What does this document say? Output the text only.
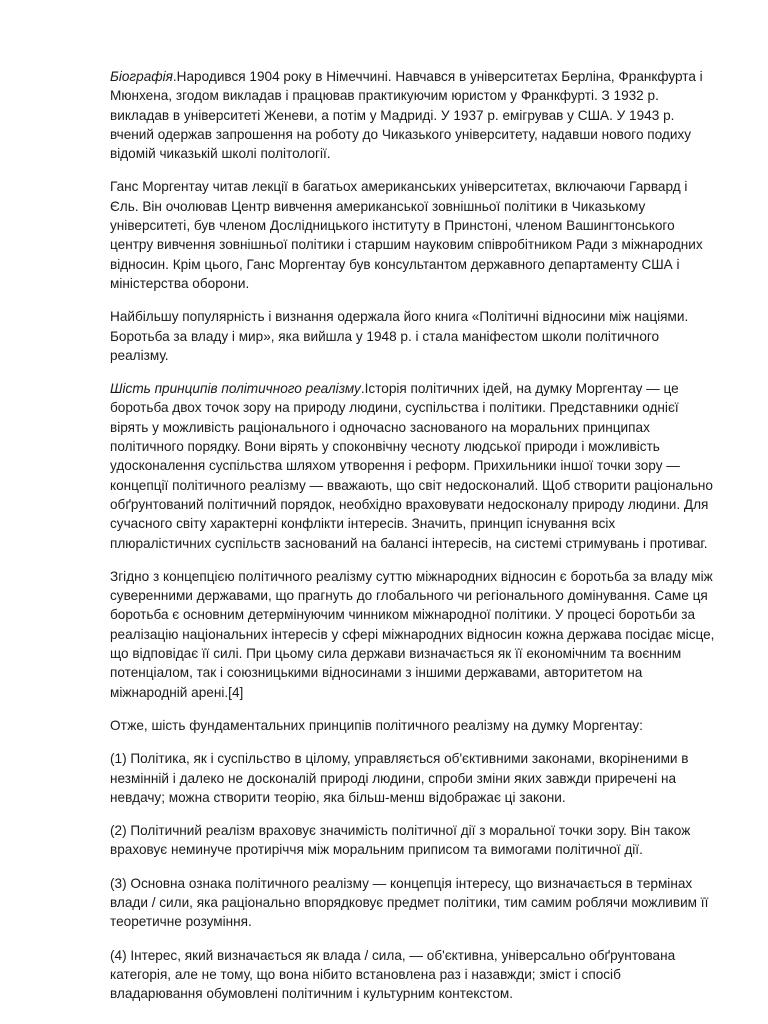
Біографія.Народився 1904 року в Німеччині. Навчався в університетах Берліна, Франкфурта і Мюнхена, згодом викладав і працював практикуючим юристом у Франкфурті. З 1932 р. викладав в університеті Женеви, а потім у Мадриді. У 1937 р. емігрував у США. У 1943 р. вчений одержав запрошення на роботу до Чиказького університету, надавши нового подиху відомій чиказькій школі політології.

Ганс Моргентау читав лекції в багатьох американських університетах, включаючи Гарвард і Єль. Він очолював Центр вивчення американської зовнішньої політики в Чиказькому університеті, був членом Дослідницького інституту в Принстоні, членом Вашингтонського центру вивчення зовнішньої політики і старшим науковим співробітником Ради з міжнародних відносин. Крім цього, Ганс Моргентау був консультантом державного департаменту США і міністерства оборони.

Найбільшу популярність і визнання одержала його книга «Політичні відносини між націями. Боротьба за владу і мир», яка вийшла у 1948 р. і стала маніфестом школи політичного реалізму.

Шість принципів політичного реалізму.Історія політичних ідей, на думку Моргентау — це боротьба двох точок зору на природу людини, суспільства і політики. Представники однієї вірять у можливість раціонального і одночасно заснованого на моральних принципах політичного порядку. Вони вірять у споконвічну чесноту людської природи і можливість удосконалення суспільства шляхом утворення і реформ. Прихильники іншої точки зору — концепції політичного реалізму — вважають, що світ недосконалий. Щоб створити раціонально обґрунтований політичний порядок, необхідно враховувати недосконалу природу людини. Для сучасного світу характерні конфлікти інтересів. Значить, принцип існування всіх плюралістичних суспільств заснований на балансі інтересів, на системі стримувань і противаг.

Згідно з концепцією політичного реалізму суттю міжнародних відносин є боротьба за владу між суверенними державами, що прагнуть до глобального чи регіонального домінування. Саме ця боротьба є основним детермінуючим чинником міжнародної політики. У процесі боротьби за реалізацію національних інтересів у сфері міжнародних відносин кожна держава посідає місце, що відповідає її силі. При цьому сила держави визначається як її економічним та воєнним потенціалом, так і союзницькими відносинами з іншими державами, авторитетом на міжнародній арені.[4]

Отже, шість фундаментальних принципів політичного реалізму на думку Моргентау:

(1) Політика, як і суспільство в цілому, управляється об'єктивними законами, вкоріненими в незмінній і далеко не досконалій природі людини, спроби зміни яких завжди приречені на невдачу; можна створити теорію, яка більш-менш відображає ці закони.

(2) Політичний реалізм враховує значимість політичної дії з моральної точки зору. Він також враховує неминуче протиріччя між моральним приписом та вимогами політичної дії.

(3) Основна ознака політичного реалізму — концепція інтересу, що визначається в термінах влади / сили, яка раціонально впорядковує предмет політики, тим самим роблячи можливим її теоретичне розуміння.

(4) Інтерес, який визначається як влада / сила, — об'єктивна, універсально обґрунтована категорія, але не тому, що вона нібито встановлена раз і назавжди; зміст і спосіб владарювання обумовлені політичним і культурним контекстом.
